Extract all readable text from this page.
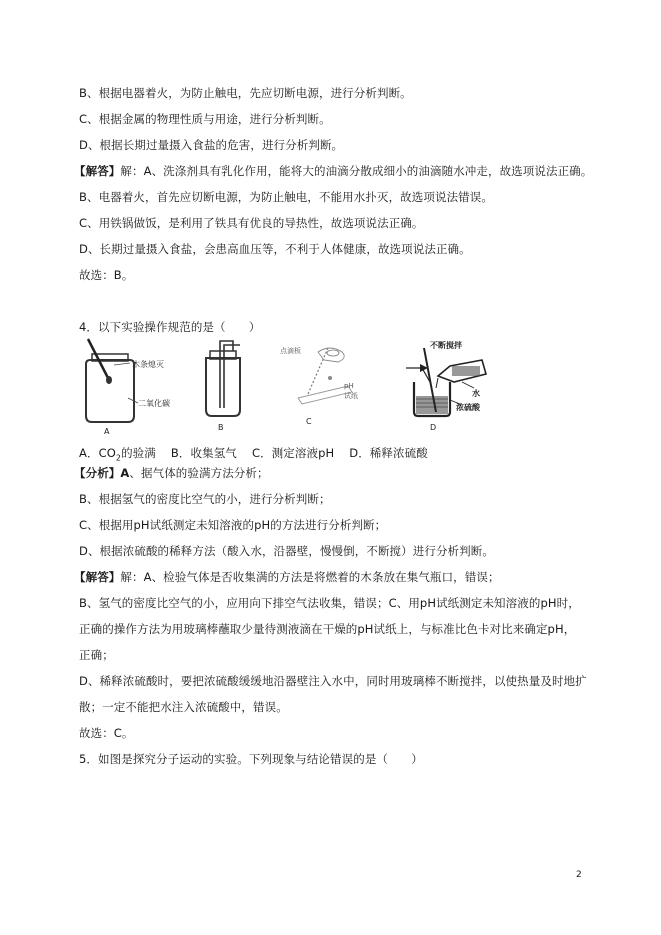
B、根据电器着火，为防止触电，先应切断电源，进行分析判断。
C、根据金属的物理性质与用途，进行分析判断。
D、根据长期过量摄入食盐的危害，进行分析判断。
【解答】解：A、洗涤剂具有乳化作用，能将大的油滴分散成细小的油滴随水冲走，故选项说法正确。
B、电器着火，首先应切断电源，为防止触电，不能用水扑灭，故选项说法错误。
C、用铁锅做饭，是利用了铁具有优良的导热性，故选项说法正确。
D、长期过量摄入食盐，会患高血压等，不利于人体健康，故选项说法正确。
故选：B。
4．以下实验操作规范的是（　　）
木条熄灭
二氧化碳
A	B
点滴板
pH
试纸
C
不断搅拌
水
浓硫酸
D
A．$CO_2$的验满 B．收集氢气 C．测定溶液pH D．稀释浓硫酸
【分析】A、据气体的验满方法分析；
B、根据氢气的密度比空气的小，进行分析判断；
C、根据用pH试纸测定未知溶液的pH的方法进行分析判断；
D、根据浓硫酸的稀释方法（酸入水，沿器壁，慢慢倒，不断搅）进行分析判断。
【解答】解：A、检验气体是否收集满的方法是将燃着的木条放在集气瓶口，错误；
B、氢气的密度比空气的小，应用向下排空气法收集，错误；C、用pH试纸测定未知溶液的pH时，
正确的操作方法为用玻璃棒蘸取少量待测液滴在干燥的pH试纸上，与标准比色卡对比来确定pH，
正确；
D、稀释浓硫酸时，要把浓硫酸缓缓地沿器壁注入水中，同时用玻璃棒不断搅拌，以使热量及时地扩
散；一定不能把水注入浓硫酸中，错误。
故选：C。
5．如图是探究分子运动的实验。下列现象与结论错误的是（　　）
2
